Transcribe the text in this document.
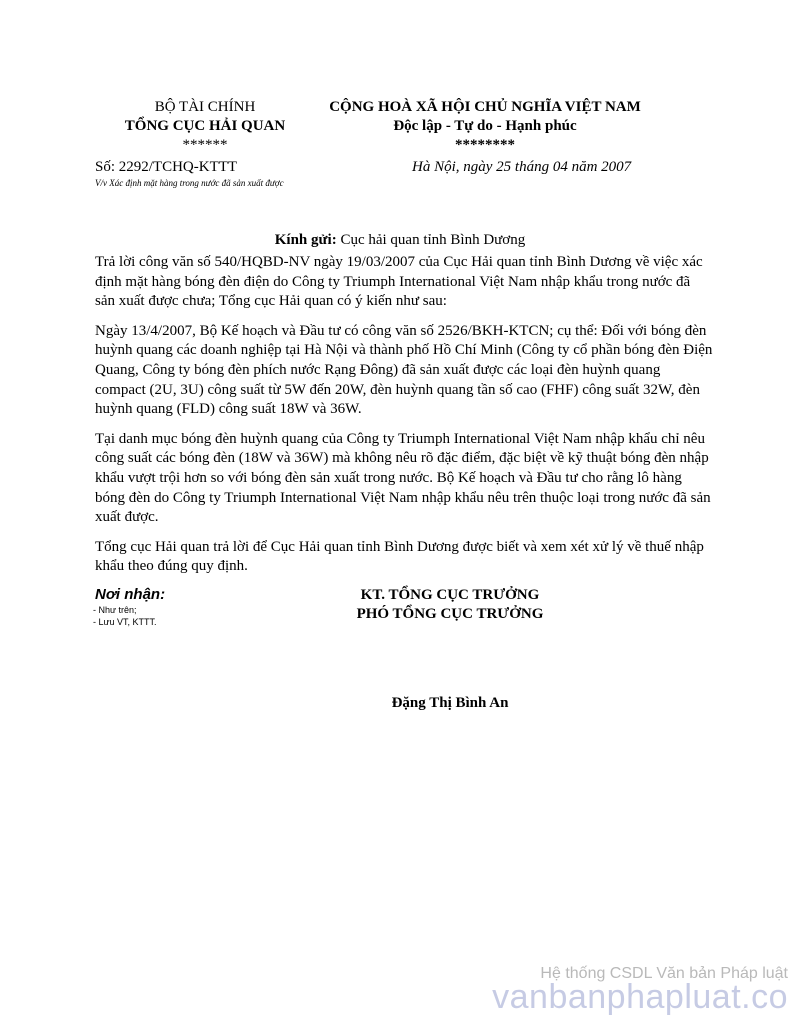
BỘ TÀI CHÍNH
TỔNG CỤC HẢI QUAN
******
CỘNG HOÀ XÃ HỘI CHỦ NGHĨA VIỆT NAM
Độc lập - Tự do - Hạnh phúc
********
Số: 2292/TCHQ-KTTT
V/v Xác định mặt hàng trong nước đã sản xuất được
Hà Nội, ngày 25 tháng 04 năm 2007
Kính gửi: Cục hải quan tỉnh Bình Dương

Trả lời công văn số 540/HQBD-NV ngày 19/03/2007 của Cục Hải quan tỉnh Bình Dương về việc xác định mặt hàng bóng đèn điện do Công ty Triumph International Việt Nam nhập khẩu trong nước đã sản xuất được chưa; Tổng cục Hải quan có ý kiến như sau:

Ngày 13/4/2007, Bộ Kế hoạch và Đầu tư có công văn số 2526/BKH-KTCN; cụ thể: Đối với bóng đèn huỳnh quang các doanh nghiệp tại Hà Nội và thành phố Hồ Chí Minh (Công ty cổ phần bóng đèn Điện Quang, Công ty bóng đèn phích nước Rạng Đông) đã sản xuất được các loại đèn huỳnh quang compact (2U, 3U) công suất từ 5W đến 20W, đèn huỳnh quang tần số cao (FHF) công suất 32W, đèn huỳnh quang (FLD) công suất 18W và 36W.

Tại danh mục bóng đèn huỳnh quang của Công ty Triumph International Việt Nam nhập khẩu chỉ nêu công suất các bóng đèn (18W và 36W) mà không nêu rõ đặc điểm, đặc biệt về kỹ thuật bóng đèn nhập khẩu vượt trội hơn so với bóng đèn sản xuất trong nước. Bộ Kế hoạch và Đầu tư cho rằng lô hàng bóng đèn do Công ty Triumph International Việt Nam nhập khẩu nêu trên thuộc loại trong nước đã sản xuất được.

Tổng cục Hải quan trả lời để Cục Hải quan tỉnh Bình Dương được biết và xem xét xử lý về thuế nhập khẩu theo đúng quy định.

Nơi nhận:
- Như trên;
- Lưu VT, KTTT.
KT. TỔNG CỤC TRƯỞNG
PHÓ TỔNG CỤC TRƯỞNG
Đặng Thị Bình An
Hệ thống CSDL Văn bản Pháp luật
vanbanphapluat.co
